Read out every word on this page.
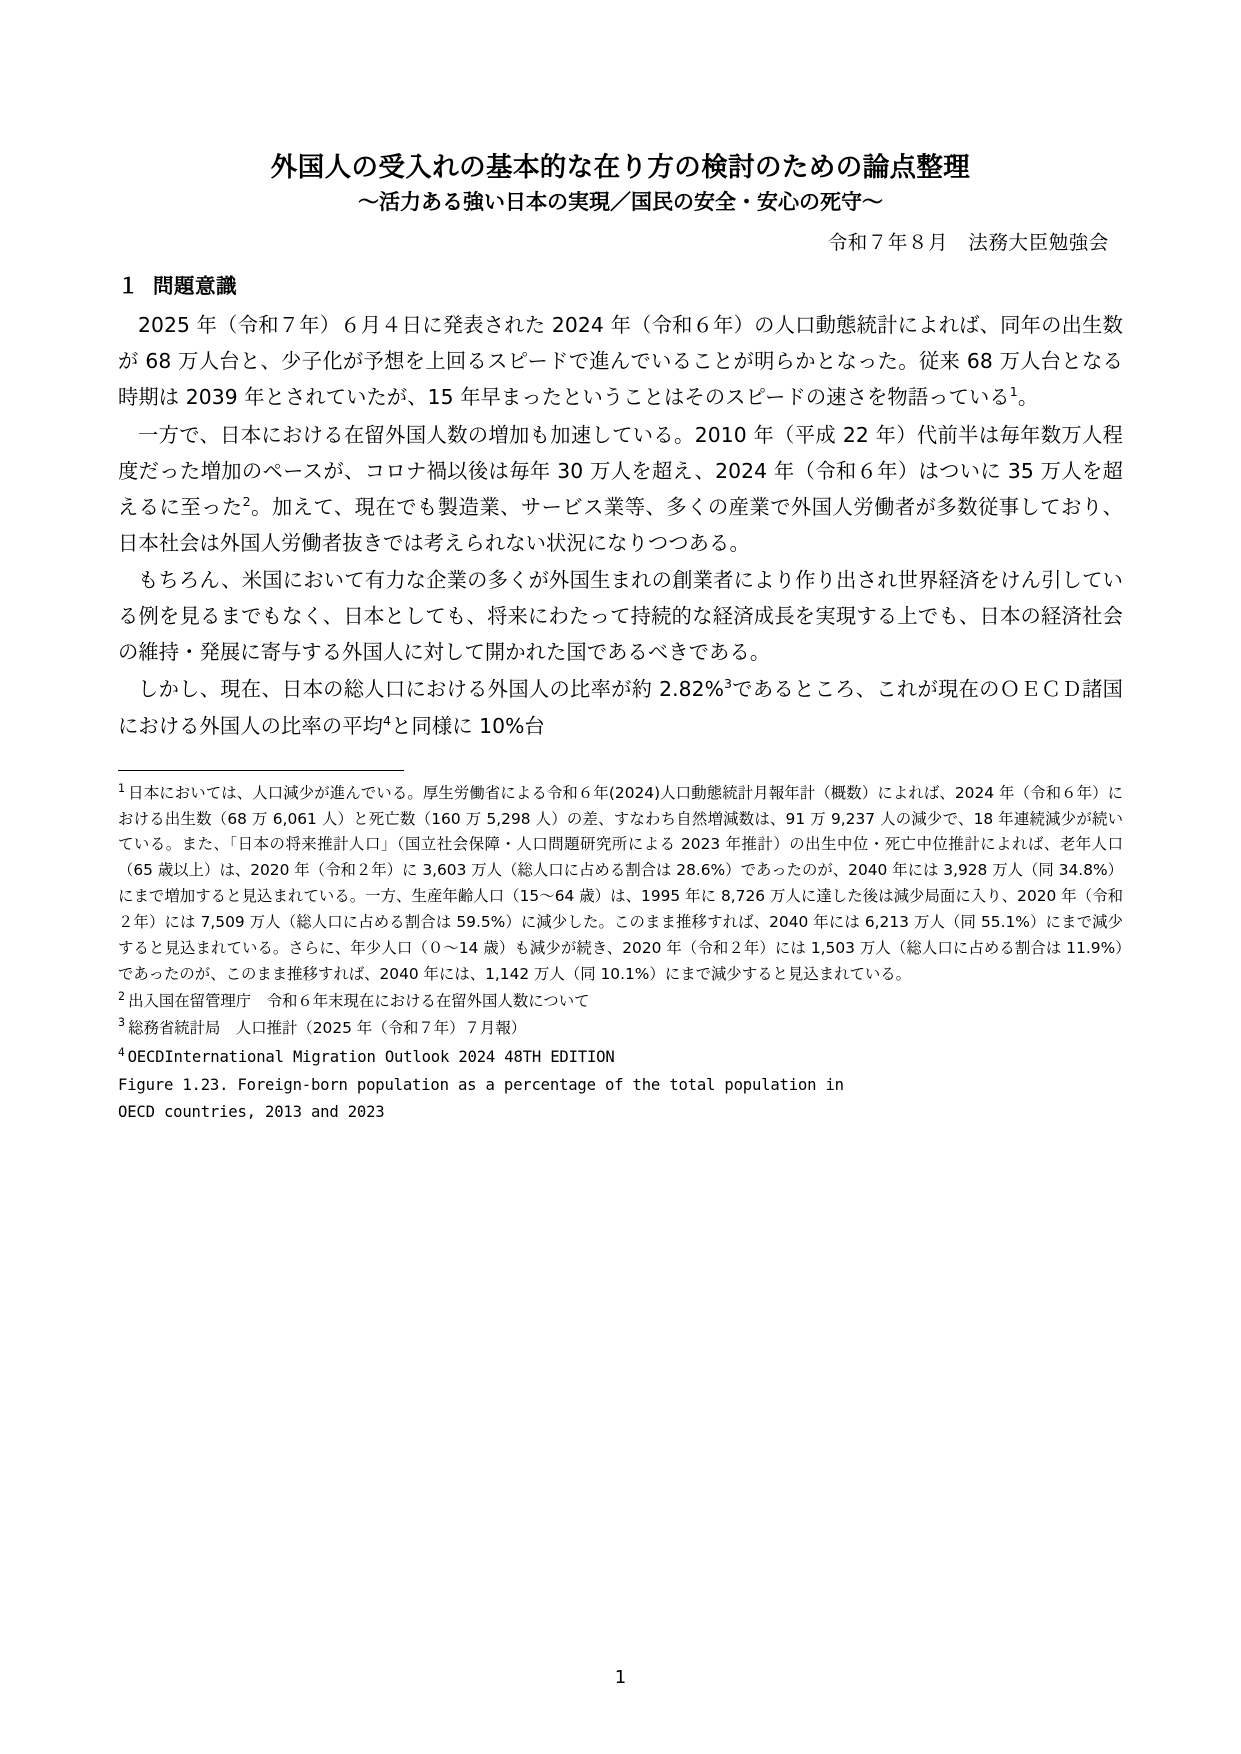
外国人の受入れの基本的な在り方の検討のための論点整理
〜活力ある強い日本の実現／国民の安全・安心の死守〜
令和７年８月　法務大臣勉強会
１ 問題意識

2025 年（令和７年）６月４日に発表された 2024 年（令和６年）の人口動態統計によれば、同年の出生数が 68 万人台と、少子化が予想を上回るスピードで進んでいることが明らかとなった。従来 68 万人台となる時期は 2039 年とされていたが、15 年早まったということはそのスピードの速さを物語っている$^1$。

一方で、日本における在留外国人数の増加も加速している。2010 年（平成 22 年）代前半は毎年数万人程度だった増加のペースが、コロナ禍以後は毎年 30 万人を超え、2024 年（令和６年）はついに 35 万人を超えるに至った$^2$。加えて、現在でも製造業、サービス業等、多くの産業で外国人労働者が多数従事しており、日本社会は外国人労働者抜きでは考えられない状況になりつつある。

もちろん、米国において有力な企業の多くが外国生まれの創業者により作り出され世界経済をけん引している例を見るまでもなく、日本としても、将来にわたって持続的な経済成長を実現する上でも、日本の経済社会の維持・発展に寄与する外国人に対して開かれた国であるべきである。

しかし、現在、日本の総人口における外国人の比率が約 2.82%$^3$であるところ、これが現在のＯＥＣＤ諸国における外国人の比率の平均$^4$と同様に 10%台

$^1$ 日本においては、人口減少が進んでいる。厚生労働省による令和６年(2024)人口動態統計月報年計（概数）によれば、2024 年（令和６年）における出生数（68 万 6,061 人）と死亡数（160 万 5,298 人）の差、すなわち自然増減数は、91 万 9,237 人の減少で、18 年連続減少が続いている。また、「日本の将来推計人口」（国立社会保障・人口問題研究所による 2023 年推計）の出生中位・死亡中位推計によれば、老年人口（65 歳以上）は、2020 年（令和２年）に 3,603 万人（総人口に占める割合は 28.6%）であったのが、2040 年には 3,928 万人（同 34.8%）にまで増加すると見込まれている。一方、生産年齢人口（15〜64 歳）は、1995 年に 8,726 万人に達した後は減少局面に入り、2020 年（令和２年）には 7,509 万人（総人口に占める割合は 59.5%）に減少した。このまま推移すれば、2040 年には 6,213 万人（同 55.1%）にまで減少すると見込まれている。さらに、年少人口（０〜14 歳）も減少が続き、2020 年（令和２年）には 1,503 万人（総人口に占める割合は 11.9%）であったのが、このまま推移すれば、2040 年には、1,142 万人（同 10.1%）にまで減少すると見込まれている。

$^2$ 出入国在留管理庁　令和６年末現在における在留外国人数について

$^3$ 総務省統計局　人口推計（2025 年（令和７年）７月報）

$^4$ OECDInternational Migration Outlook 2024 48TH EDITION

Figure 1.23. Foreign-born population as a percentage of the total population in

OECD countries, 2013 and 2023

1
